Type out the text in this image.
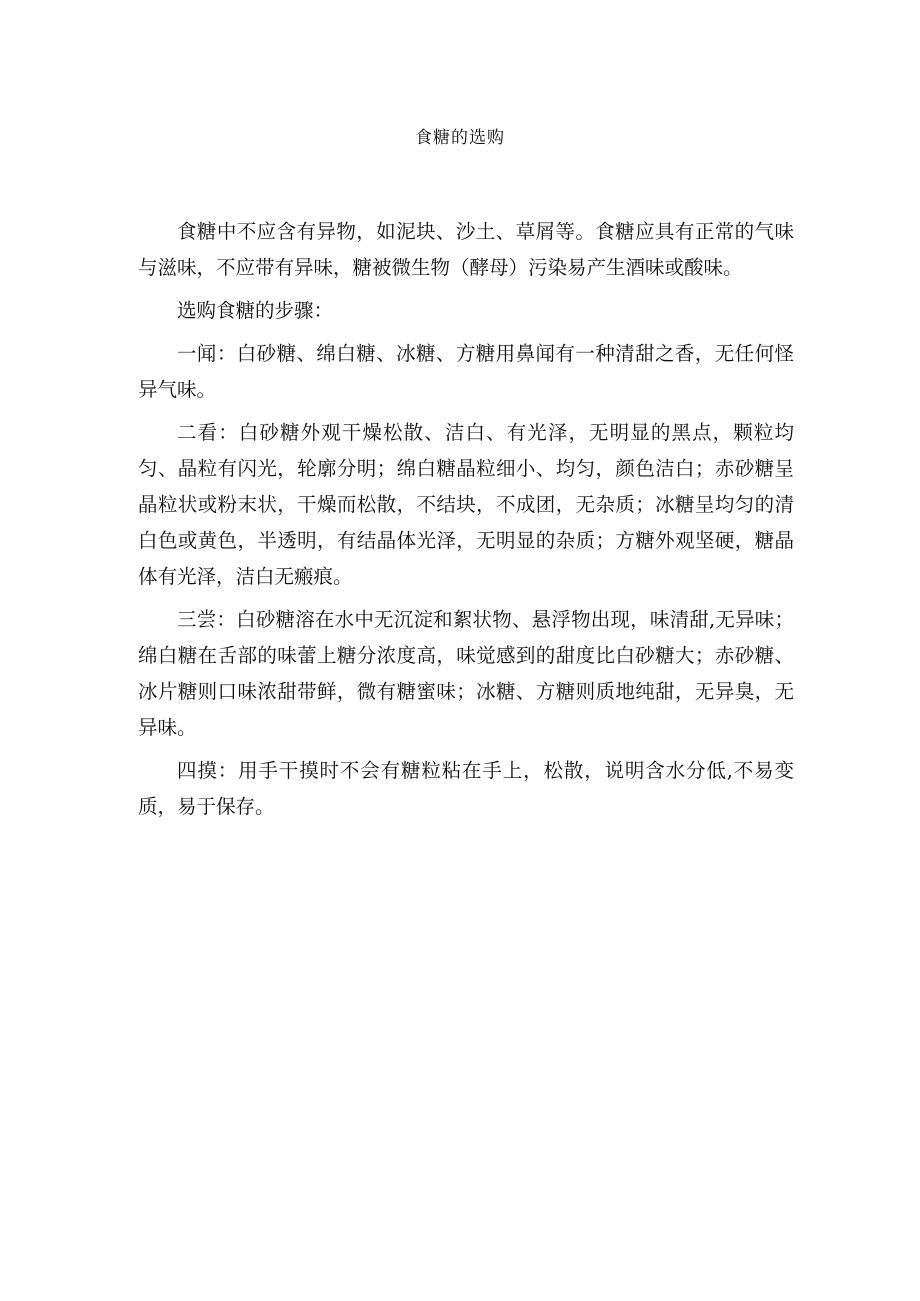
食糖的选购

食糖中不应含有异物，如泥块、沙土、草屑等。食糖应具有正常的气味与滋味，不应带有异味，糖被微生物（酵母）污染易产生酒味或酸味。

选购食糖的步骤：

一闻：白砂糖、绵白糖、冰糖、方糖用鼻闻有一种清甜之香，无任何怪异气味。

二看：白砂糖外观干燥松散、洁白、有光泽，无明显的黑点，颗粒均匀、晶粒有闪光，轮廓分明；绵白糖晶粒细小、均匀，颜色洁白；赤砂糖呈晶粒状或粉末状，干燥而松散，不结块，不成团，无杂质；冰糖呈均匀的清白色或黄色，半透明，有结晶体光泽，无明显的杂质；方糖外观坚硬，糖晶体有光泽，洁白无瘢痕。

三尝：白砂糖溶在水中无沉淀和絮状物、悬浮物出现，味清甜,无异味；绵白糖在舌部的味蕾上糖分浓度高，味觉感到的甜度比白砂糖大；赤砂糖、冰片糖则口味浓甜带鲜，微有糖蜜味；冰糖、方糖则质地纯甜，无异臭，无异味。

四摸：用手干摸时不会有糖粒粘在手上，松散，说明含水分低,不易变质，易于保存。
